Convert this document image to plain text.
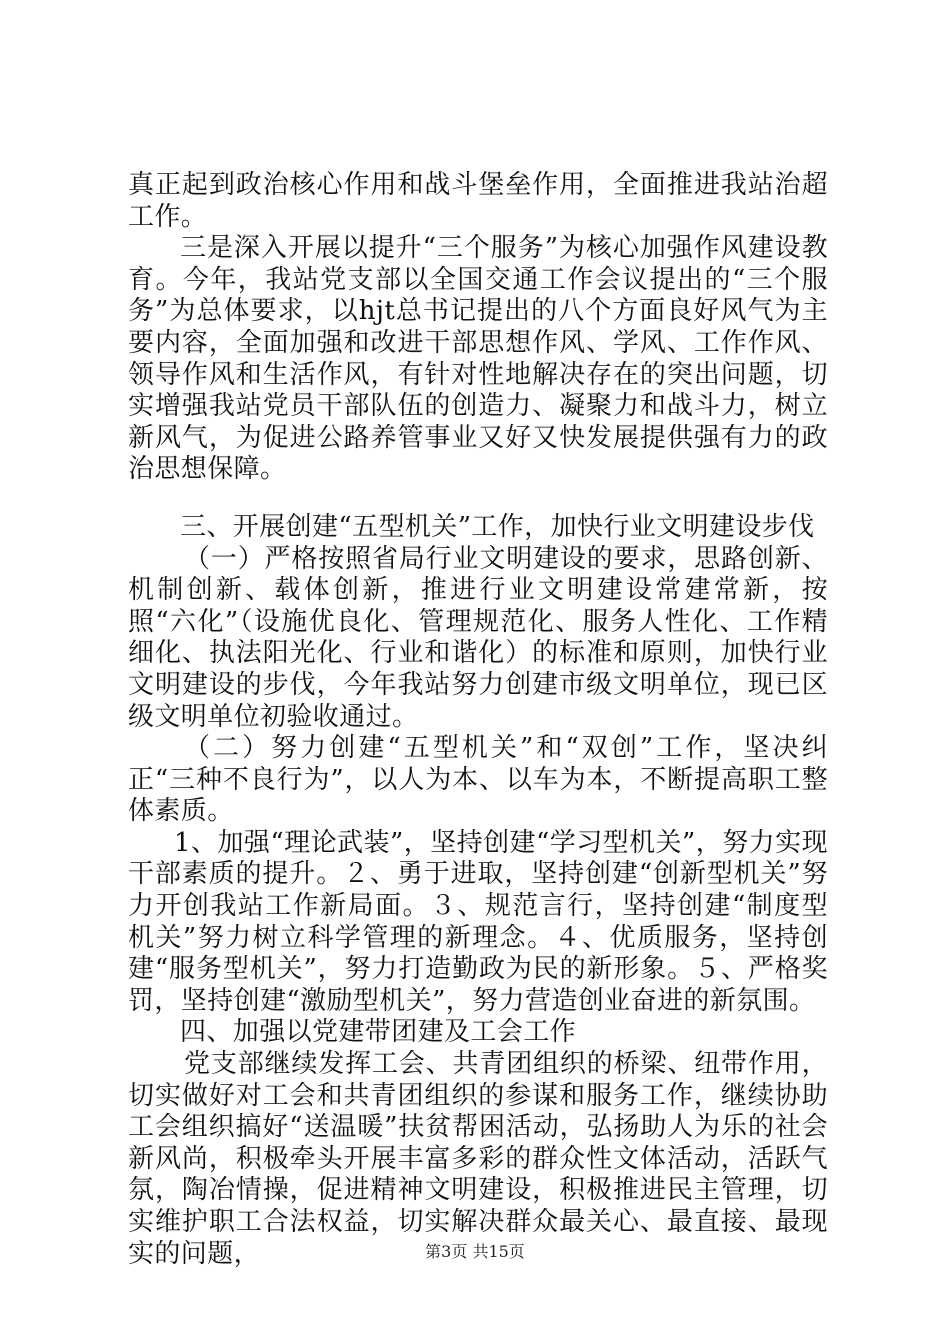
真正起到政治核心作用和战斗堡垒作用，全面推进我站治超工作。

三是深入开展以提升“三个服务”为核心加强作风建设教育。今年，我站党支部以全国交通工作会议提出的“三个服务”为总体要求，以hjt总书记提出的八个方面良好风气为主要内容，全面加强和改进干部思想作风、学风、工作作风、领导作风和生活作风，有针对性地解决存在的突出问题，切实增强我站党员干部队伍的创造力、凝聚力和战斗力，树立新风气，为促进公路养管事业又好又快发展提供强有力的政治思想保障。

三、开展创建“五型机关”工作，加快行业文明建设步伐

（一）严格按照省局行业文明建设的要求，思路创新、机制创新、载体创新，推进行业文明建设常建常新，按照“六化”（设施优良化、管理规范化、服务人性化、工作精细化、执法阳光化、行业和谐化）的标准和原则，加快行业文明建设的步伐，今年我站努力创建市级文明单位，现已区级文明单位初验收通过。

（二）努力创建“五型机关”和“双创”工作，坚决纠正“三种不良行为”，以人为本、以车为本，不断提高职工整体素质。

1、加强“理论武装”，坚持创建“学习型机关”，努力实现干部素质的提升。２、勇于进取，坚持创建“创新型机关”努力开创我站工作新局面。３、规范言行，坚持创建“制度型机关”努力树立科学管理的新理念。４、优质服务，坚持创建“服务型机关”，努力打造勤政为民的新形象。５、严格奖罚，坚持创建“激励型机关”，努力营造创业奋进的新氛围。

四、加强以党建带团建及工会工作

党支部继续发挥工会、共青团组织的桥梁、纽带作用，切实做好对工会和共青团组织的参谋和服务工作，继续协助工会组织搞好“送温暖”扶贫帮困活动，弘扬助人为乐的社会新风尚，积极牵头开展丰富多彩的群众性文体活动，活跃气氛，陶冶情操，促进精神文明建设，积极推进民主管理，切实维护职工合法权益，切实解决群众最关心、最直接、最现实的问题，	第3页 共15页
